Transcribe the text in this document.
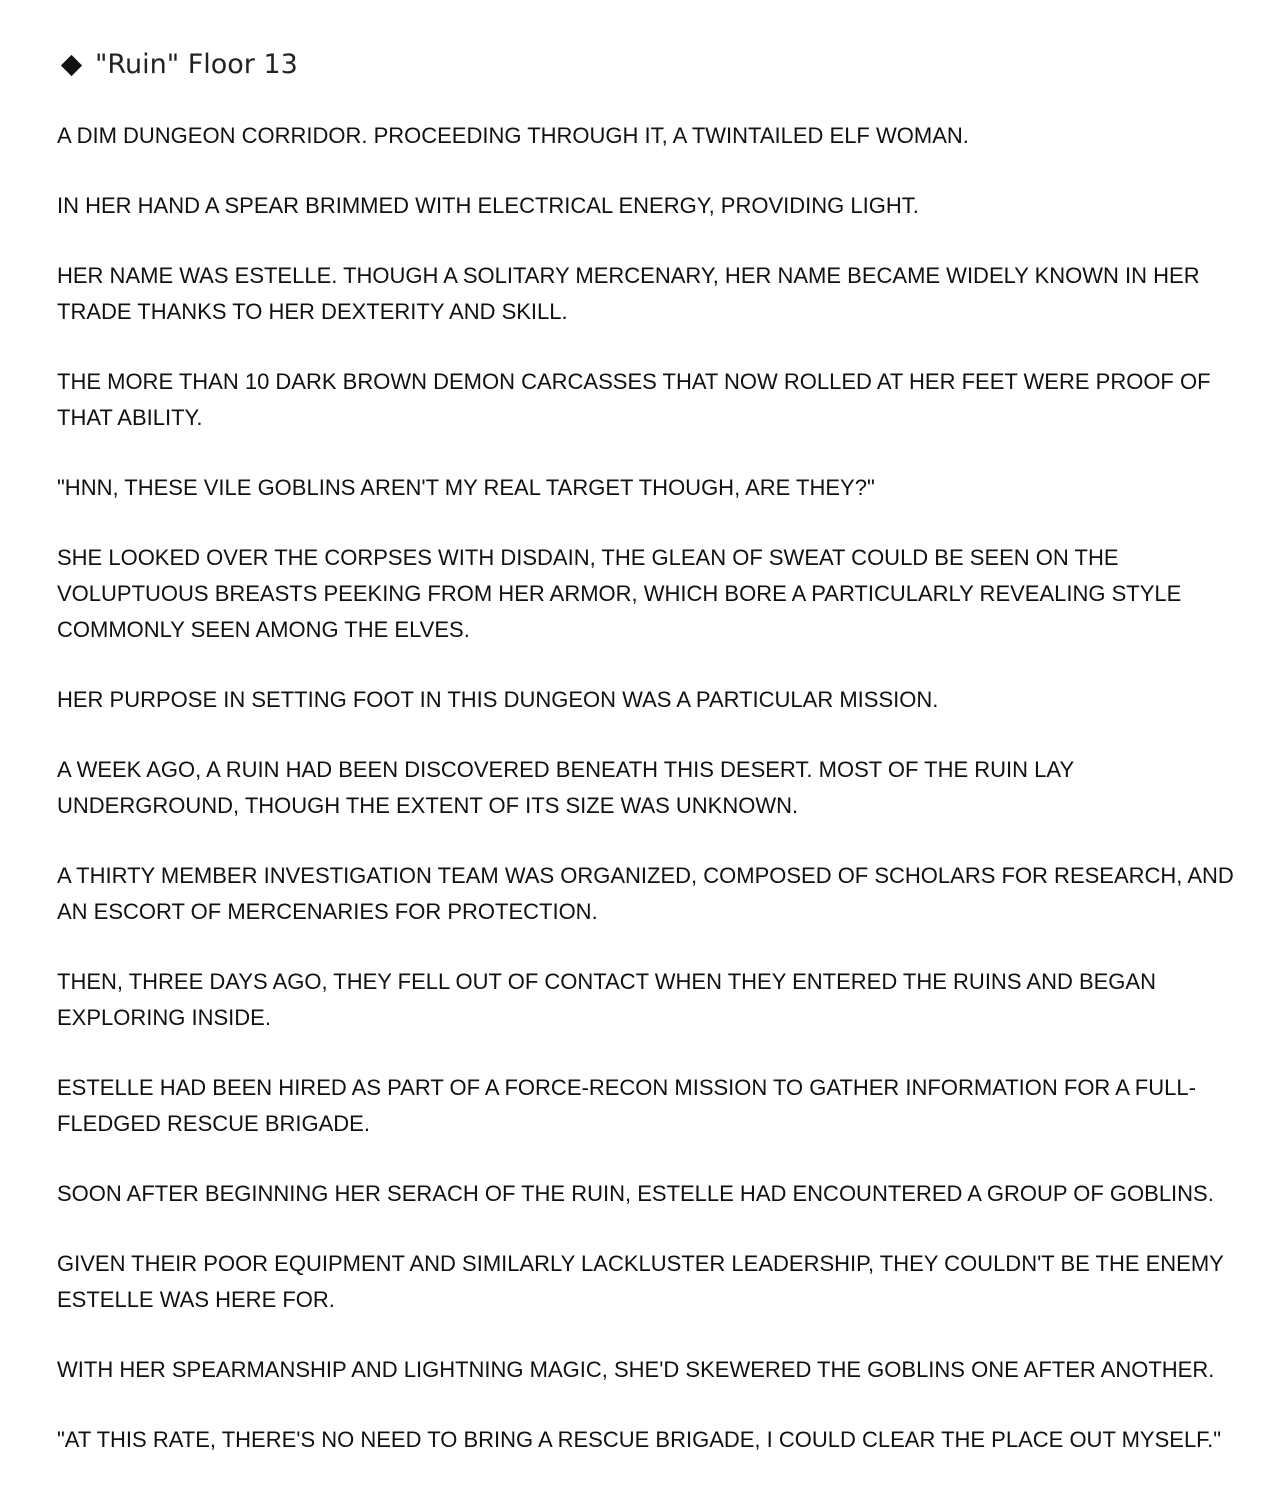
"Ruin" Floor 13

A DIM DUNGEON CORRIDOR. PROCEEDING THROUGH IT, A TWINTAILED ELF WOMAN.

IN HER HAND A SPEAR BRIMMED WITH ELECTRICAL ENERGY, PROVIDING LIGHT.

HER NAME WAS ESTELLE. THOUGH A SOLITARY MERCENARY, HER NAME BECAME WIDELY KNOWN IN HER TRADE THANKS TO HER DEXTERITY AND SKILL.

THE MORE THAN 10 DARK BROWN DEMON CARCASSES THAT NOW ROLLED AT HER FEET WERE PROOF OF THAT ABILITY.

"HNN, THESE VILE GOBLINS AREN'T MY REAL TARGET THOUGH, ARE THEY?"

SHE LOOKED OVER THE CORPSES WITH DISDAIN, THE GLEAN OF SWEAT COULD BE SEEN ON THE VOLUPTUOUS BREASTS PEEKING FROM HER ARMOR, WHICH BORE A PARTICULARLY REVEALING STYLE COMMONLY SEEN AMONG THE ELVES.

HER PURPOSE IN SETTING FOOT IN THIS DUNGEON WAS A PARTICULAR MISSION.

A WEEK AGO, A RUIN HAD BEEN DISCOVERED BENEATH THIS DESERT. MOST OF THE RUIN LAY UNDERGROUND, THOUGH THE EXTENT OF ITS SIZE WAS UNKNOWN.

A THIRTY MEMBER INVESTIGATION TEAM WAS ORGANIZED, COMPOSED OF SCHOLARS FOR RESEARCH, AND AN ESCORT OF MERCENARIES FOR PROTECTION.

THEN, THREE DAYS AGO, THEY FELL OUT OF CONTACT WHEN THEY ENTERED THE RUINS AND BEGAN EXPLORING INSIDE.

ESTELLE HAD BEEN HIRED AS PART OF A FORCE-RECON MISSION TO GATHER INFORMATION FOR A FULL-FLEDGED RESCUE BRIGADE.

SOON AFTER BEGINNING HER SERACH OF THE RUIN, ESTELLE HAD ENCOUNTERED A GROUP OF GOBLINS.

GIVEN THEIR POOR EQUIPMENT AND SIMILARLY LACKLUSTER LEADERSHIP, THEY COULDN'T BE THE ENEMY ESTELLE WAS HERE FOR.

WITH HER SPEARMANSHIP AND LIGHTNING MAGIC, SHE'D SKEWERED THE GOBLINS ONE AFTER ANOTHER.

"AT THIS RATE, THERE'S NO NEED TO BRING A RESCUE BRIGADE, I COULD CLEAR THE PLACE OUT MYSELF."
